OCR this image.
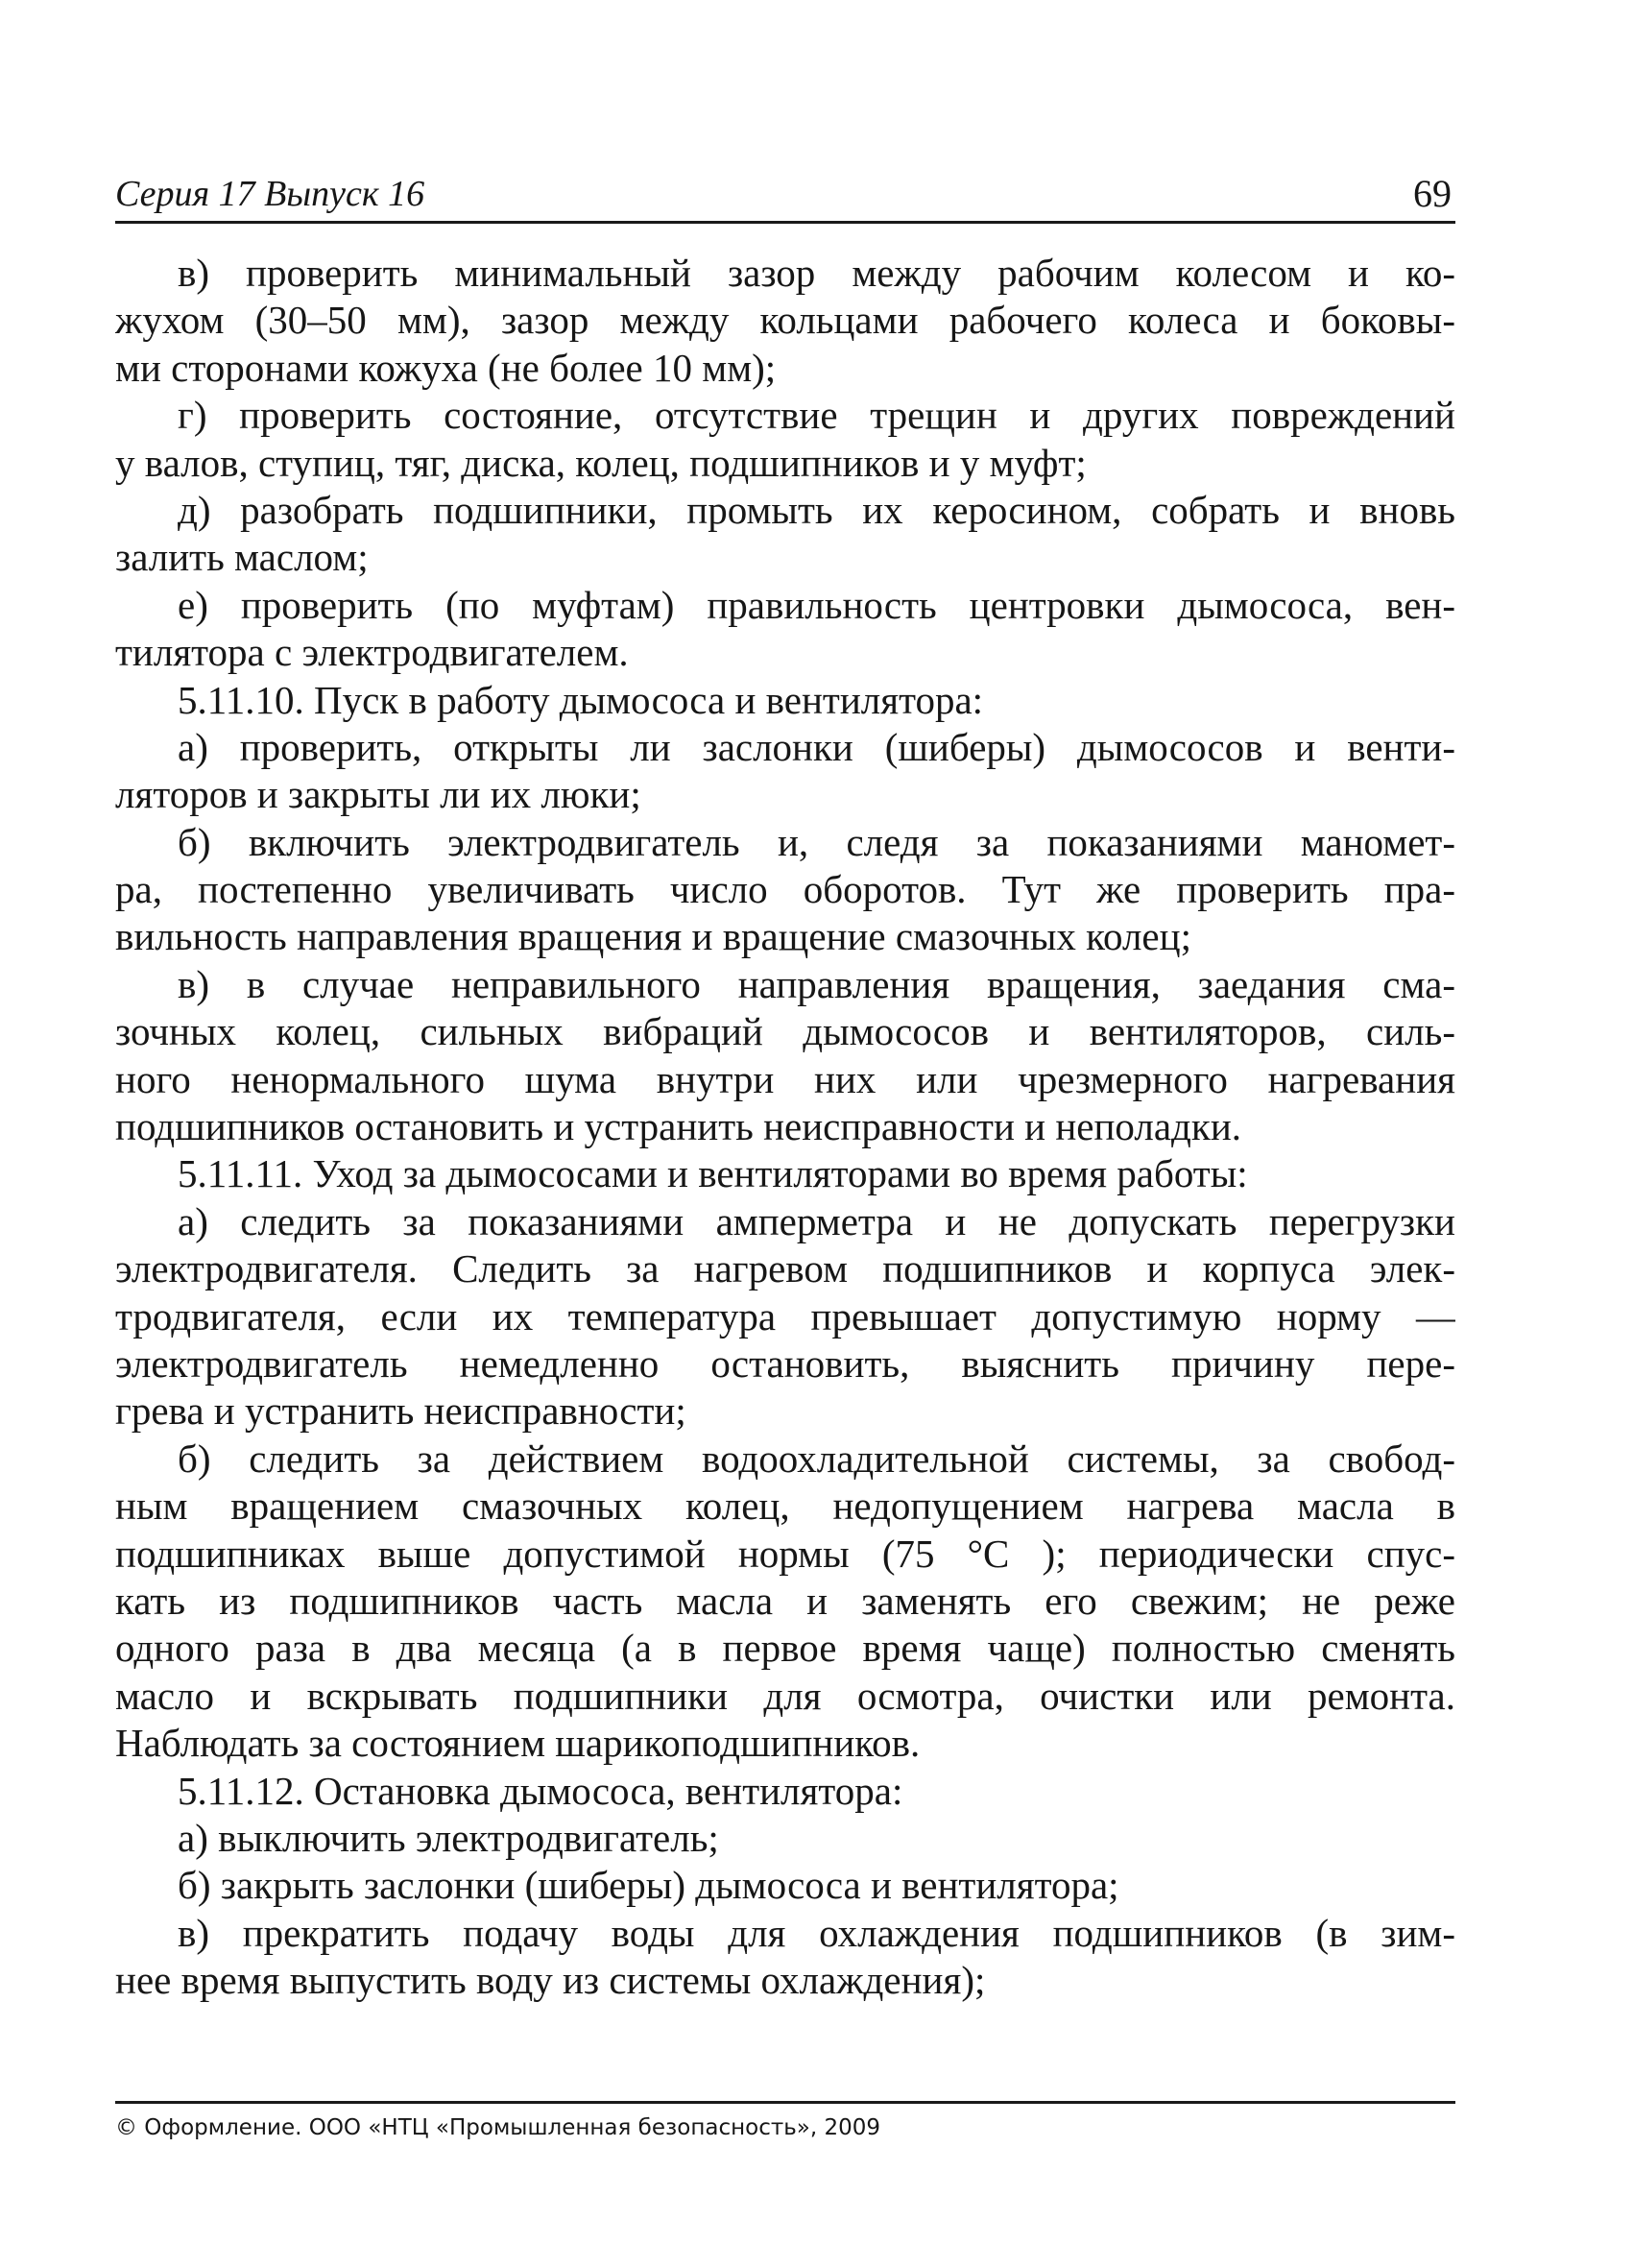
Серия 17 Выпуск 16	69
в) проверить минимальный зазор между рабочим колесом и ко-
жухом (30–50 мм), зазор между кольцами рабочего колеса и боковы-
ми сторонами кожуха (не более 10 мм);
г) проверить состояние, отсутствие трещин и других повреждений
у валов, ступиц, тяг, диска, колец, подшипников и у муфт;
д) разобрать подшипники, промыть их керосином, собрать и вновь
залить маслом;
е) проверить (по муфтам) правильность центровки дымососа, вен-
тилятора с электродвигателем.
5.11.10. Пуск в работу дымососа и вентилятора:
а) проверить, открыты ли заслонки (шиберы) дымососов и венти-
ляторов и закрыты ли их люки;
б) включить электродвигатель и, следя за показаниями маномет-
ра, постепенно увеличивать число оборотов. Тут же проверить пра-
вильность направления вращения и вращение смазочных колец;
в) в случае неправильного направления вращения, заедания сма-
зочных колец, сильных вибраций дымососов и вентиляторов, силь-
ного ненормального шума внутри них или чрезмерного нагревания
подшипников остановить и устранить неисправности и неполадки.
5.11.11. Уход за дымососами и вентиляторами во время работы:
а) следить за показаниями амперметра и не допускать перегрузки
электродвигателя. Следить за нагревом подшипников и корпуса элек-
тродвигателя, если их температура превышает допустимую норму —
электродвигатель немедленно остановить, выяснить причину пере-
грева и устранить неисправности;
б) следить за действием водоохладительной системы, за свобод-
ным вращением смазочных колец, недопущением нагрева масла в
подшипниках выше допустимой нормы (75 °С ); периодически спус-
кать из подшипников часть масла и заменять его свежим; не реже
одного раза в два месяца (а в первое время чаще) полностью сменять
масло и вскрывать подшипники для осмотра, очистки или ремонта.
Наблюдать за состоянием шарикоподшипников.
5.11.12. Остановка дымососа, вентилятора:
а) выключить электродвигатель;
б) закрыть заслонки (шиберы) дымососа и вентилятора;
в) прекратить подачу воды для охлаждения подшипников (в зим-
нее время выпустить воду из системы охлаждения);
© Оформление. ООО «НТЦ «Промышленная безопасность», 2009
